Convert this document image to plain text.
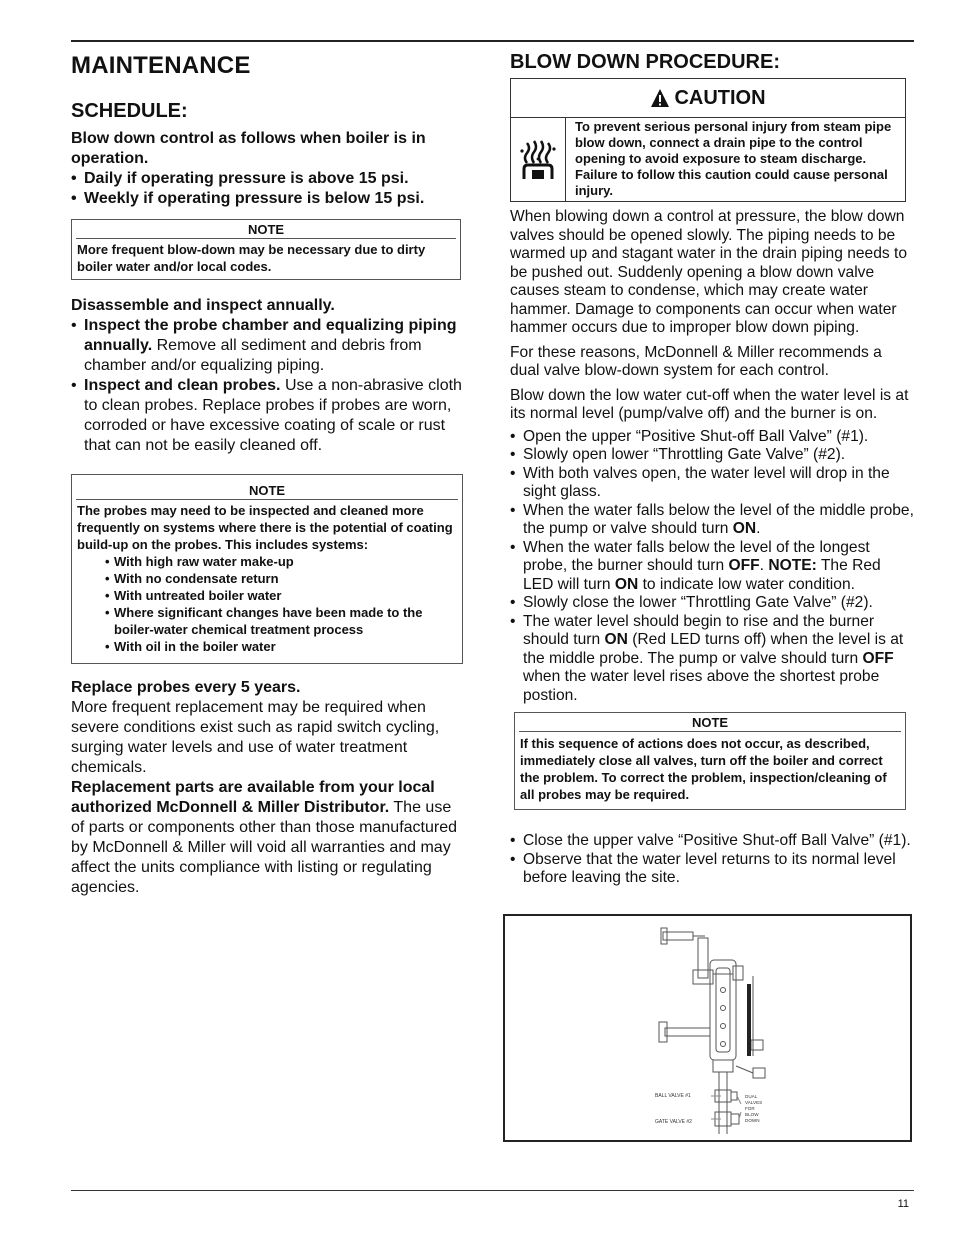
MAINTENANCE
SCHEDULE:

Blow down control as follows when boiler is in operation.

• Daily if operating pressure is above 15 psi.
• Weekly if operating pressure is below 15 psi.
NOTE
More frequent blow-down may be necessary due to dirty boiler water and/or local codes.

Disassemble and inspect annually.

• Inspect the probe chamber and equalizing piping annually. Remove all sediment and debris from chamber and/or equalizing piping.
• Inspect and clean probes. Use a non-abrasive cloth to clean probes. Replace probes if probes are worn, corroded or have excessive coating of scale or rust that can not be easily cleaned off.
NOTE
The probes may need to be inspected and cleaned more frequently on systems where there is the potential of coating build-up on the probes. This includes systems:
• With high raw water make-up
• With no condensate return
• With untreated boiler water
• Where significant changes have been made to the boiler-water chemical treatment process
• With oil in the boiler water

Replace probes every 5 years.

More frequent replacement may be required when severe conditions exist such as rapid switch cycling, surging water levels and use of water treatment chemicals.

Replacement parts are available from your local authorized McDonnell & Miller Distributor. The use of parts or components other than those manufactured by McDonnell & Miller will void all warranties and may affect the units compliance with listing or regulating agencies.

BLOW DOWN PROCEDURE:
CAUTION
To prevent serious personal injury from steam pipe blow down, connect a drain pipe to the control opening to avoid exposure to steam discharge.
Failure to follow this caution could cause personal injury.

When blowing down a control at pressure, the blow down valves should be opened slowly. The piping needs to be warmed up and stagant water in the drain piping needs to be pushed out. Suddenly opening a blow down valve causes steam to condense, which may create water hammer. Damage to components can occur when water hammer occurs due to improper blow down piping.

For these reasons, McDonnell & Miller recommends a dual valve blow-down system for each control.

Blow down the low water cut-off when the water level is at its normal level (pump/valve off) and the burner is on.

• Open the upper “Positive Shut-off Ball Valve” (#1).
• Slowly open lower “Throttling Gate Valve” (#2).
• With both valves open, the water level will drop in the sight glass.
• When the water falls below the level of the middle probe, the pump or valve should turn ON.
• When the water falls below the level of the longest probe, the burner should turn OFF. NOTE: The Red LED will turn ON to indicate low water condition.
• Slowly close the lower “Throttling Gate Valve” (#2).
• The water level should begin to rise and the burner should turn ON (Red LED turns off) when the level is at the middle probe. The pump or valve should turn OFF when the water level rises above the shortest probe postion.
NOTE
If this sequence of actions does not occur, as described, immediately close all valves, turn off the boiler and correct the problem. To correct the problem, inspection/cleaning of all probes may be required.
• Close the upper valve “Positive Shut-off Ball Valve” (#1).
• Observe that the water level returns to its normal level before leaving the site.
BALL VALVE #1
GATE VALVE #2
DUAL
VALVES
FOR
BLOW
DOWN
11
